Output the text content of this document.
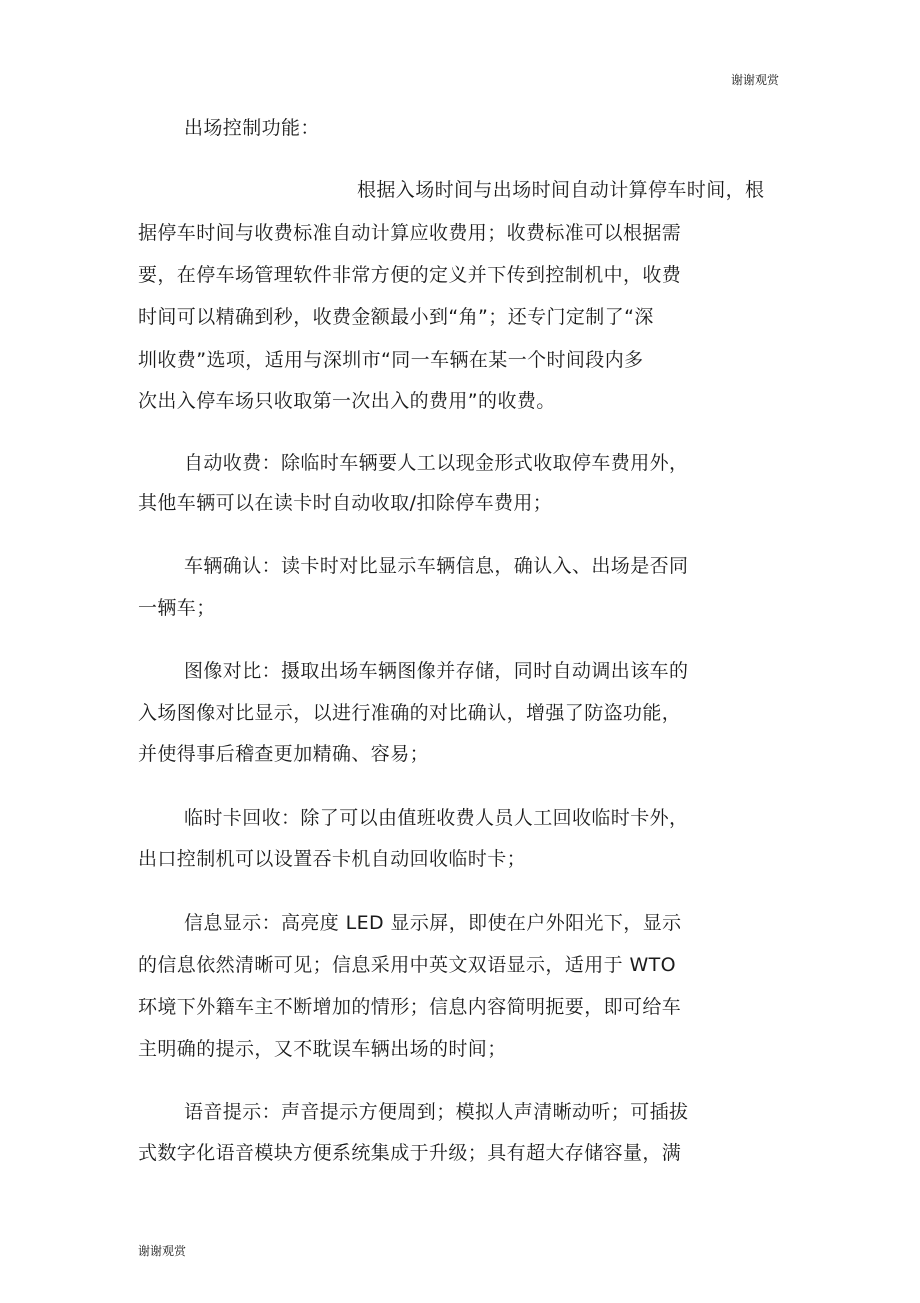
谢谢观赏
出场控制功能：
根据入场时间与出场时间自动计算停车时间，根
据停车时间与收费标准自动计算应收费用；收费标准可以根据需
要，在停车场管理软件非常方便的定义并下传到控制机中，收费
时间可以精确到秒，收费金额最小到“角”；还专门定制了“深
圳收费”选项，适用与深圳市“同一车辆在某一个时间段内多
次出入停车场只收取第一次出入的费用”的收费。
自动收费：除临时车辆要人工以现金形式收取停车费用外，
其他车辆可以在读卡时自动收取/扣除停车费用；
车辆确认：读卡时对比显示车辆信息，确认入、出场是否同
一辆车；
图像对比：摄取出场车辆图像并存储，同时自动调出该车的
入场图像对比显示，以进行准确的对比确认，增强了防盗功能，
并使得事后稽查更加精确、容易；
临时卡回收：除了可以由值班收费人员人工回收临时卡外，
出口控制机可以设置吞卡机自动回收临时卡；
信息显示：高亮度 LED 显示屏，即使在户外阳光下，显示
的信息依然清晰可见；信息采用中英文双语显示，适用于 WTO
环境下外籍车主不断增加的情形；信息内容简明扼要，即可给车
主明确的提示，又不耽误车辆出场的时间；
语音提示：声音提示方便周到；模拟人声清晰动听；可插拔
式数字化语音模块方便系统集成于升级；具有超大存储容量，满
谢谢观赏
